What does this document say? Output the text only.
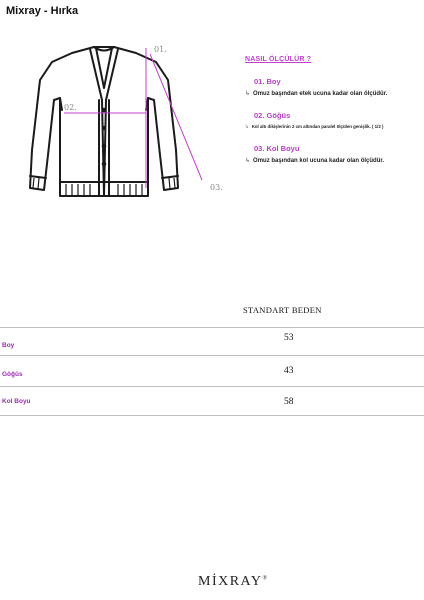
Mixray - Hırka
01.
02.
03.
NASIL ÖLÇÜLÜR ?
01. Boy
↳ Omuz başından etek ucuna kadar olan ölçüdür.
02. Göğüs
↳ Kol altı dikişlerinin 2 cm altından paralel ölçülen genişlik. ( 1/2 )
03. Kol Boyu
↳ Omuz başından kol ucuna kadar olan ölçüdür.
STANDART BEDEN
Boy
53
Göğüs	43
Kol Boyu	58
MİXRAY®
